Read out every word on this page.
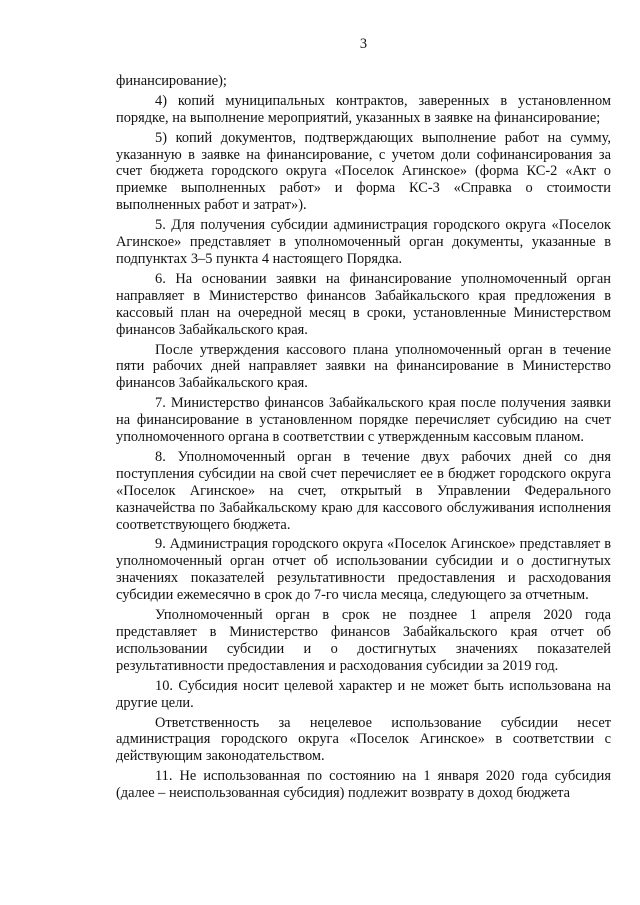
3

финансирование);

4) копий муниципальных контрактов, заверенных в установленном порядке, на выполнение мероприятий, указанных в заявке на финансирование;

5) копий документов, подтверждающих выполнение работ на сумму, указанную в заявке на финансирование, с учетом доли софинансирования за счет бюджета городского округа «Поселок Агинское» (форма КС-2 «Акт о приемке выполненных работ» и форма КС-3 «Справка о стоимости выполненных работ и затрат»).

5. Для получения субсидии администрация городского округа «Поселок Агинское» представляет в уполномоченный орган документы, указанные в подпунктах 3–5 пункта 4 настоящего Порядка.

6. На основании заявки на финансирование уполномоченный орган направляет в Министерство финансов Забайкальского края предложения в кассовый план на очередной месяц в сроки, установленные Министерством финансов Забайкальского края.

После утверждения кассового плана уполномоченный орган в течение пяти рабочих дней направляет заявки на финансирование в Министерство финансов Забайкальского края.

7. Министерство финансов Забайкальского края после получения заявки на финансирование в установленном порядке перечисляет субсидию на счет уполномоченного органа в соответствии с утвержденным кассовым планом.

8. Уполномоченный орган в течение двух рабочих дней со дня поступления субсидии на свой счет перечисляет ее в бюджет городского округа «Поселок Агинское» на счет, открытый в Управлении Федерального казначейства по Забайкальскому краю для кассового обслуживания исполнения соответствующего бюджета.

9. Администрация городского округа «Поселок Агинское» представляет в уполномоченный орган отчет об использовании субсидии и о достигнутых значениях показателей результативности предоставления и расходования субсидии ежемесячно в срок до 7-го числа месяца, следующего за отчетным.

Уполномоченный орган в срок не позднее 1 апреля 2020 года представляет в Министерство финансов Забайкальского края отчет об использовании субсидии и о достигнутых значениях показателей результативности предоставления и расходования субсидии за 2019 год.

10. Субсидия носит целевой характер и не может быть использована на другие цели.

Ответственность за нецелевое использование субсидии несет администрация городского округа «Поселок Агинское» в соответствии с действующим законодательством.

11. Не использованная по состоянию на 1 января 2020 года субсидия (далее – неиспользованная субсидия) подлежит возврату в доход бюджета
